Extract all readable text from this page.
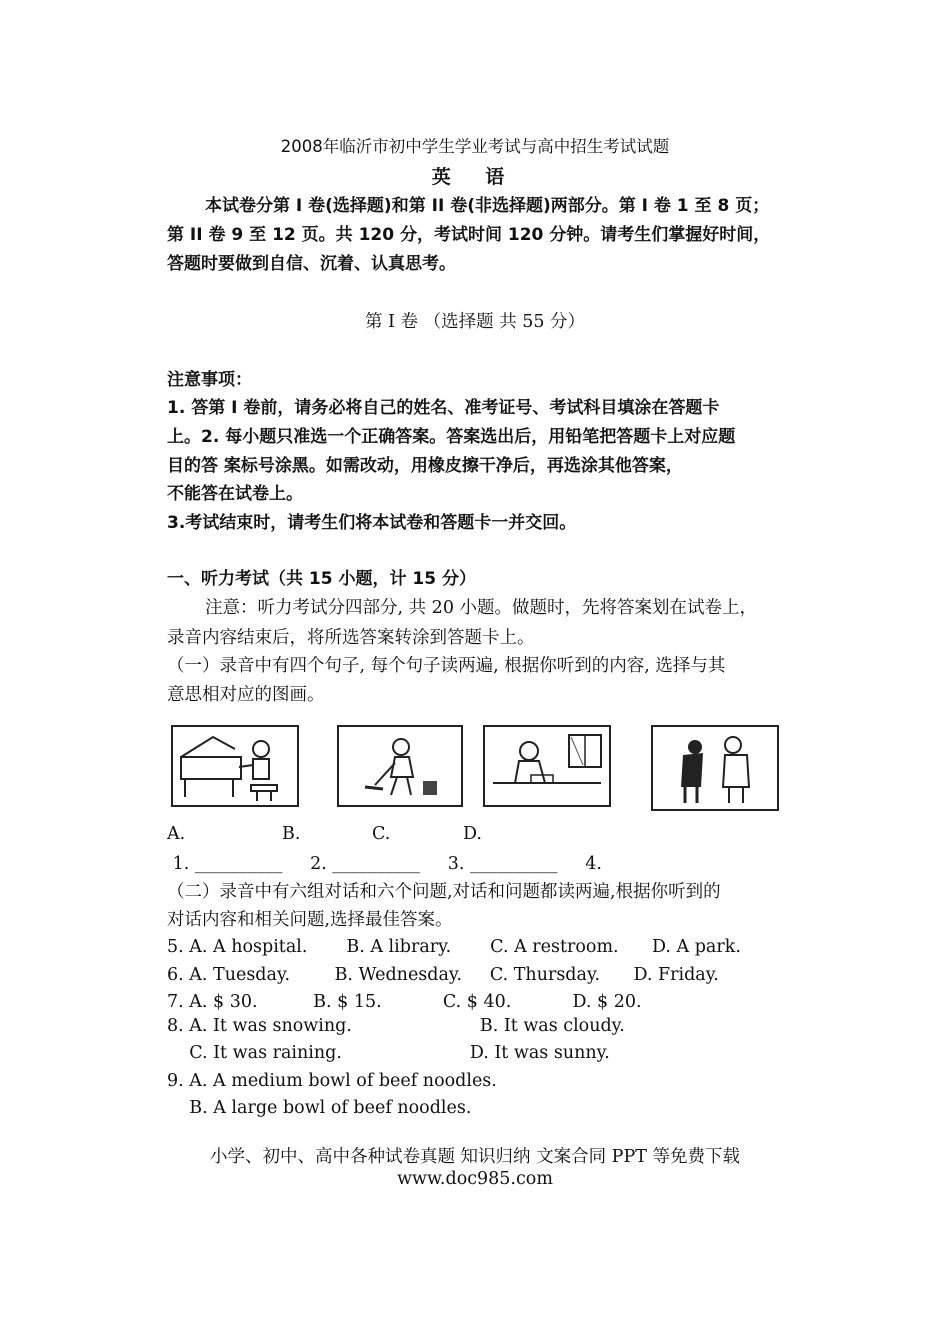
2008年临沂市初中学生学业考试与高中招生考试试题
英 语
本试卷分第 I 卷(选择题)和第 II 卷(非选择题)两部分。第 I 卷 1 至 8 页；
第 II 卷 9 至 12 页。共 120 分，考试时间 120 分钟。请考生们掌握好时间，
答题时要做到自信、沉着、认真思考。
第 I 卷 （选择题 共 55 分）
注意事项：
1. 答第 I 卷前，请务必将自己的姓名、准考证号、考试科目填涂在答题卡
上。2. 每小题只准选一个正确答案。答案选出后，用铅笔把答题卡上对应题
目的答 案标号涂黑。如需改动，用橡皮擦干净后，再选涂其他答案，
不能答在试卷上。
3.考试结束时，请考生们将本试卷和答题卡一并交回。
一、听力考试（共 15 小题，计 15 分）
注意：听力考试分四部分, 共 20 小题。做题时，先将答案划在试卷上，
录音内容结束后，将所选答案转涂到答题卡上。
（一）录音中有四个句子, 每个句子读两遍, 根据你听到的内容, 选择与其
意思相对应的图画。
A.	B.	C.	D.
1. __________     2. __________     3. __________     4.
（二）录音中有六组对话和六个问题,对话和问题都读两遍,根据你听到的
对话内容和相关问题,选择最佳答案。
5. A. A hospital.       B. A library.       C. A restroom.      D. A park.
6. A. Tuesday.        B. Wednesday.     C. Thursday.      D. Friday.
7. A. $ 30.          B. $ 15.           C. $ 40.           D. $ 20.
8. A. It was snowing.                       B. It was cloudy.
C. It was raining.                       D. It was sunny.
9. A. A medium bowl of beef noodles.
B. A large bowl of beef noodles.
小学、初中、高中各种试卷真题 知识归纳 文案合同 PPT 等免费下载
www.doc985.com
